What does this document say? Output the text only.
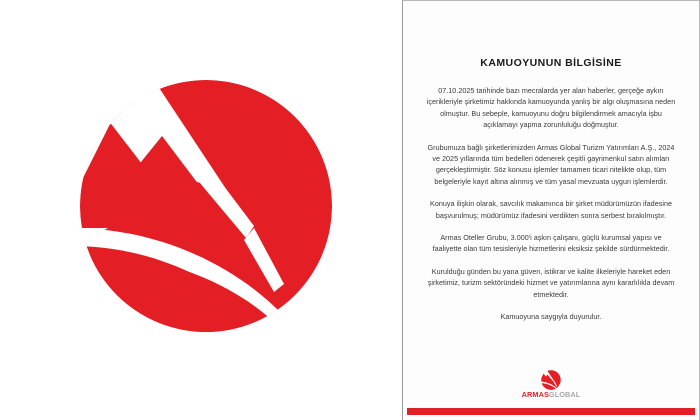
KAMUOYUNUN BİLGİSİNE

07.10.2025 tarihinde bazı mecralarda yer alan haberler, gerçeğe aykırı içerikleriyle şirketimiz hakkında kamuoyunda yanlış bir algı oluşmasına neden olmuştur. Bu sebeple, kamuoyunu doğru bilgilendirmek amacıyla işbu açıklamayı yapma zorunluluğu doğmuştur.

Grubumuza bağlı şirketlerimizden Armas Global Turizm Yatırımları A.Ş., 2024 ve 2025 yıllarında tüm bedelleri ödenerek çeşitli gayrimenkul satın alımları gerçekleştirmiştir. Söz konusu işlemler tamamen ticari nitelikte olup, tüm belgeleriyle kayıt altına alınmış ve tüm yasal mevzuata uygun işlemlerdir.

Konuya ilişkin olarak, savcılık makamınca bir şirket müdürümüzün ifadesine başvurulmuş; müdürümüz ifadesini verdikten sonra serbest bırakılmıştır.

Armas Oteller Grubu, 3.000'i aşkın çalışanı, güçlü kurumsal yapısı ve faaliyette olan tüm tesisleriyle hizmetlerini eksiksiz şekilde sürdürmektedir.

Kurulduğu günden bu yana güven, istikrar ve kalite ilkeleriyle hareket eden şirketimiz, turizm sektöründeki hizmet ve yatırımlarına aynı kararlılıkla devam etmektedir.

Kamuoyuna saygıyla duyurulur.

ARMASGLOBAL
